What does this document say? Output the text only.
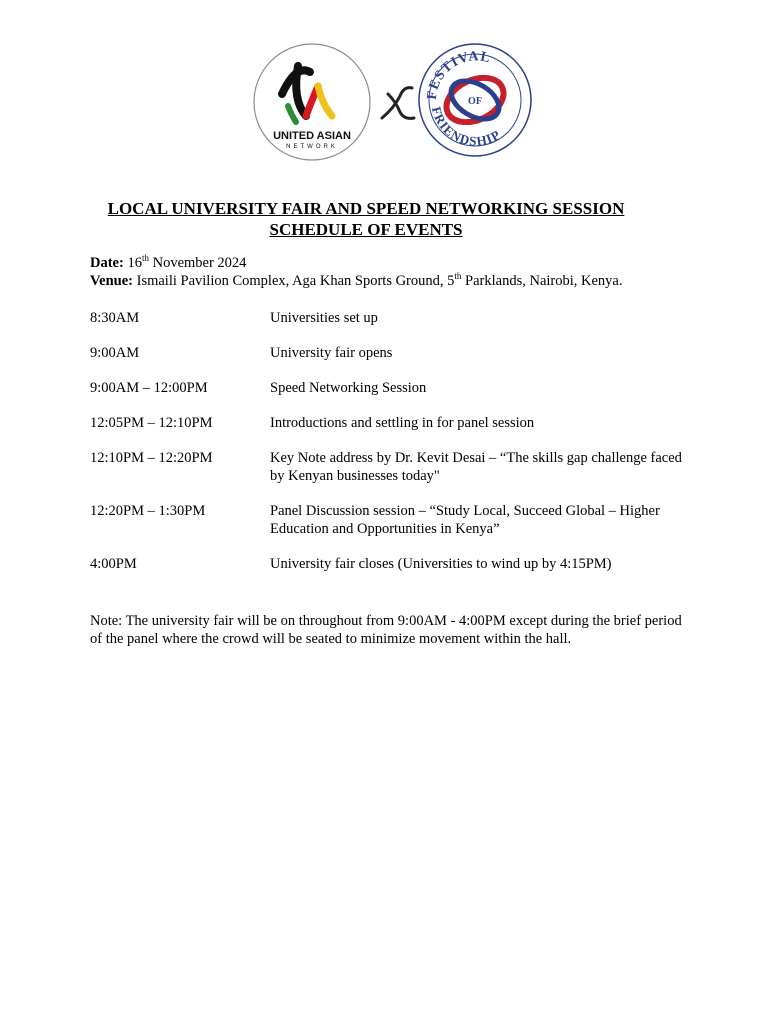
UNITED ASIAN
NETWORK
FESTIVAL
FRIENDSHIP
OF
LOCAL UNIVERSITY FAIR AND SPEED NETWORKING SESSION
SCHEDULE OF EVENTS
Date: 16th November 2024
Venue: Ismaili Pavilion Complex, Aga Khan Sports Ground, 5th Parklands, Nairobi, Kenya.
8:30AM	Universities set up
9:00AM	University fair opens
9:00AM – 12:00PM	Speed Networking Session
12:05PM – 12:10PM	Introductions and settling in for panel session
12:10PM – 12:20PM	Key Note address by Dr. Kevit Desai – “The skills gap challenge faced by Kenyan businesses today"
12:20PM – 1:30PM	Panel Discussion session – “Study Local, Succeed Global – Higher Education and Opportunities in Kenya”
4:00PM	University fair closes (Universities to wind up by 4:15PM)
Note: The university fair will be on throughout from 9:00AM - 4:00PM except during the brief period of the panel where the crowd will be seated to minimize movement within the hall.
